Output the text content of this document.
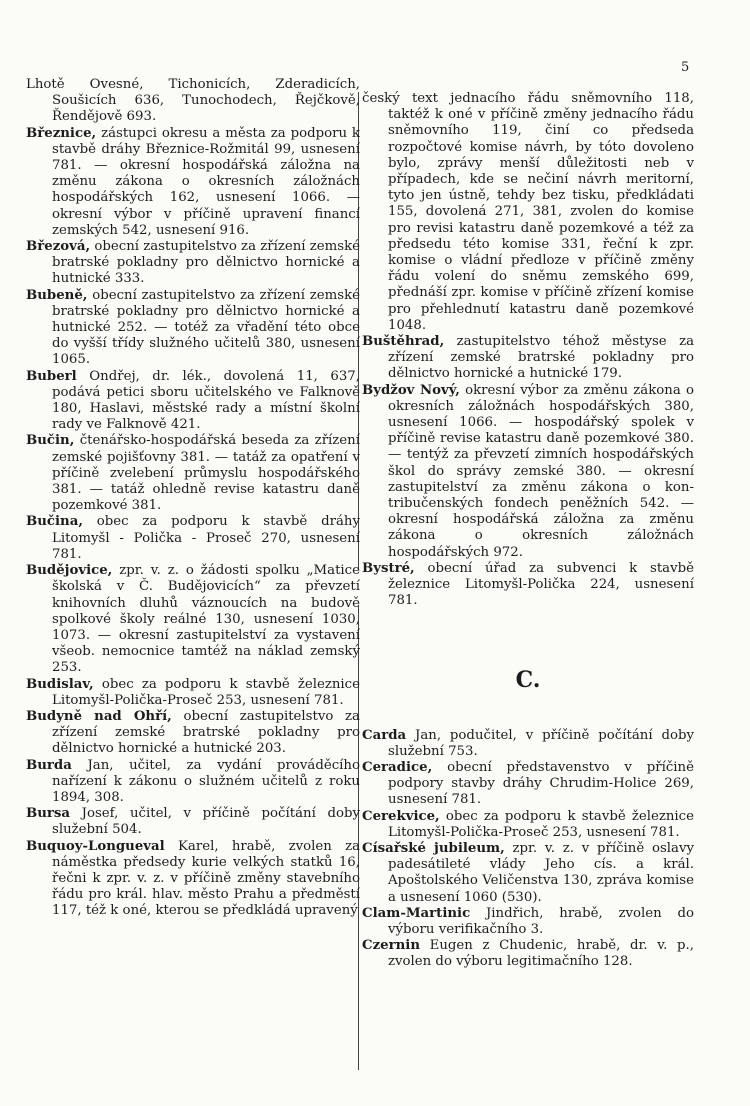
5

Lhotě Ovesné, Tichonicích, Zderadicích, Soušicích 636, Tunochodech, Řejčkově, Řendějově 693.

Březnice, zástupci okresu a města za podporu k stavbě dráhy Březnice-Rožmitál 99, usnesení 781. — okresní hospodářská záložna na změnu zákona o okresních záložnách hospodářských 162, usnesení 1066. — okresní výbor v příčině upravení financí zemských 542, usnesení 916.

Březová, obecní zastupitelstvo za zřízení zemské bratrské pokladny pro dělnictvo hornické a hutnické 333.

Bubeně, obecní zastupitelstvo za zřízení zemské bratrské pokladny pro dělnictvo hornické a hutnické 252. — totéž za vřadění této obce do vyšší třídy služného učitelů 380, usnesení 1065.

Buberl Ondřej, dr. lék., dovolená 11, 637, podává petici sboru učitelského ve Falknově 180, Haslavi, městské rady a místní školní rady ve Falknově 421.

Bučin, čtenářsko-hospodářská beseda za zřízení zemské pojišťovny 381. — tatáž za opatření v příčině zvelebení průmyslu hospodářského 381. — tatáž ohledně revise katastru daně pozemkové 381.

Bučina, obec za podporu k stavbě dráhy Litomyšl - Polička - Proseč 270, usnesení 781.

Budějovice, zpr. v. z. o žádosti spolku „Matice školská v Č. Budějovicích“ za převzetí knihovních dluhů váznoucích na budově spolkové školy reálné 130, usnesení 1030, 1073. — okresní zastupitelství za vystavení všeob. nemocnice tamtéž na náklad zemský 253.

Budislav, obec za podporu k stavbě železnice Litomyšl-Polička-Proseč 253, usnesení 781.

Budyně nad Ohří, obecní zastupitelstvo za zřízení zemské bratrské pokladny pro dělnictvo hornické a hutnické 203.

Burda Jan, učitel, za vydání prováděcího nařízení k zákonu o služném učitelů z roku 1894, 308.

Bursa Josef, učitel, v příčině počítání doby služební 504.

Buquoy-Longueval Karel, hrabě, zvolen za náměstka předsedy kurie velkých statků 16, řečni k zpr. v. z. v příčině změny stavebního řádu pro král. hlav. město Prahu a předměstí 117, též k oné, kterou se předkládá upravený

český text jednacího řádu sněmovního 118, taktéž k oné v příčině změny jednacího řádu sněmovního 119, činí co předseda rozpočtové komise návrh, by tóto dovoleno bylo, zprávy menší důležitosti neb v případech, kde se nečiní návrh meritorní, tyto jen ústně, tehdy bez tisku, předkládati 155, dovolená 271, 381, zvolen do komise pro revisi katastru daně pozemkové a též za předsedu této komise 331, řeční k zpr. komise o vládní předloze v příčině změny řádu volení do sněmu zemského 699, přednáší zpr. komise v příčině zřízení komise pro přehlednutí katastru daně pozemkové 1048.

Buštěhrad, zastupitelstvo téhož městyse za zřízení zemské bratrské pokladny pro dělnictvo hornické a hutnické 179.

Bydžov Nový, okresní výbor za změnu zákona o okresních záložnách hospodářských 380, usnesení 1066. — hospodářský spolek v příčině revise katastru daně pozemkové 380. — tentýž za převzetí zimních hospodářských škol do správy zemské 380. — okresní zastupitelství za změnu zákona o kontribučenských fondech peněžních 542. — okresní hospodářská záložna za změnu zákona o okresních záložnách hospodářských 972.

Bystré, obecní úřad za subvenci k stavbě železnice Litomyšl-Polička 224, usnesení 781.

C.

Carda Jan, podučitel, v příčině počítání doby služební 753.

Ceradice, obecní představenstvo v příčině podpory stavby dráhy Chrudim-Holice 269, usnesení 781.

Cerekvice, obec za podporu k stavbě železnice Litomyšl-Polička-Proseč 253, usnesení 781.

Císařské jubileum, zpr. v. z. v příčině oslavy padesátileté vlády Jeho cís. a král. Apoštolského Veličenstva 130, zpráva komise a usnesení 1060 (530).

Clam-Martinic Jindřich, hrabě, zvolen do výboru verifikačního 3.

Czernin Eugen z Chudenic, hrabě, dr. v. p., zvolen do výboru legitimačního 128.
